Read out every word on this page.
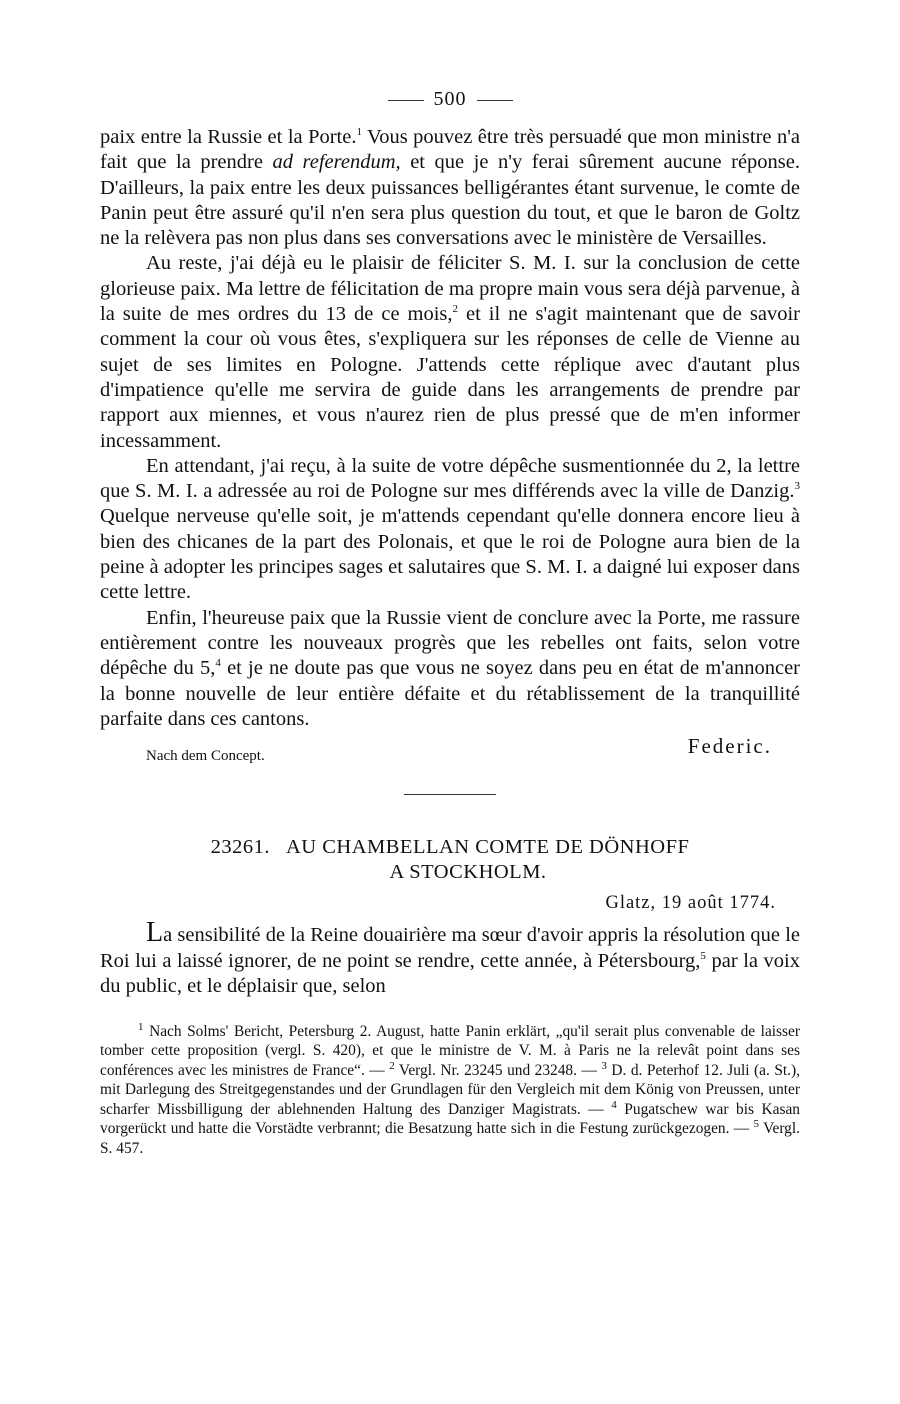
500

paix entre la Russie et la Porte.$^1$ Vous pouvez être très persuadé que mon ministre n'a fait que la prendre ad referendum, et que je n'y ferai sûrement aucune réponse. D'ailleurs, la paix entre les deux puissances belligérantes étant survenue, le comte de Panin peut être assuré qu'il n'en sera plus question du tout, et que le baron de Goltz ne la relèvera pas non plus dans ses conversations avec le ministère de Versailles.

Au reste, j'ai déjà eu le plaisir de féliciter S. M. I. sur la conclusion de cette glorieuse paix. Ma lettre de félicitation de ma propre main vous sera déjà parvenue, à la suite de mes ordres du 13 de ce mois,$^2$ et il ne s'agit maintenant que de savoir comment la cour où vous êtes, s'expliquera sur les réponses de celle de Vienne au sujet de ses limites en Pologne. J'attends cette réplique avec d'autant plus d'impatience qu'elle me servira de guide dans les arrangements de prendre par rapport aux miennes, et vous n'aurez rien de plus pressé que de m'en informer incessamment.

En attendant, j'ai reçu, à la suite de votre dépêche susmentionnée du 2, la lettre que S. M. I. a adressée au roi de Pologne sur mes différends avec la ville de Danzig.$^3$ Quelque nerveuse qu'elle soit, je m'attends cependant qu'elle donnera encore lieu à bien des chicanes de la part des Polonais, et que le roi de Pologne aura bien de la peine à adopter les principes sages et salutaires que S. M. I. a daigné lui exposer dans cette lettre.

Enfin, l'heureuse paix que la Russie vient de conclure avec la Porte, me rassure entièrement contre les nouveaux progrès que les rebelles ont faits, selon votre dépêche du 5,$^4$ et je ne doute pas que vous ne soyez dans peu en état de m'annoncer la bonne nouvelle de leur entière défaite et du rétablissement de la tranquillité parfaite dans ces cantons.

Nach dem Concept.	Federic.
23261. AU CHAMBELLAN COMTE DE DÖNHOFF
A STOCKHOLM.
Glatz, 19 août 1774.

La sensibilité de la Reine douairière ma sœur d'avoir appris la résolution que le Roi lui a laissé ignorer, de ne point se rendre, cette année, à Pétersbourg,$^5$ par la voix du public, et le déplaisir que, selon

$^1$ Nach Solms' Bericht, Petersburg 2. August, hatte Panin erklärt, „qu'il serait plus convenable de laisser tomber cette proposition (vergl. S. 420), et que le ministre de V. M. à Paris ne la relevât point dans ses conférences avec les ministres de France“. — $^2$ Vergl. Nr. 23245 und 23248. — $^3$ D. d. Peterhof 12. Juli (a. St.), mit Darlegung des Streitgegenstandes und der Grundlagen für den Vergleich mit dem König von Preussen, unter scharfer Missbilligung der ablehnenden Haltung des Danziger Magistrats. — $^4$ Pugatschew war bis Kasan vorgerückt und hatte die Vorstädte verbrannt; die Besatzung hatte sich in die Festung zurückgezogen. — $^5$ Vergl. S. 457.
